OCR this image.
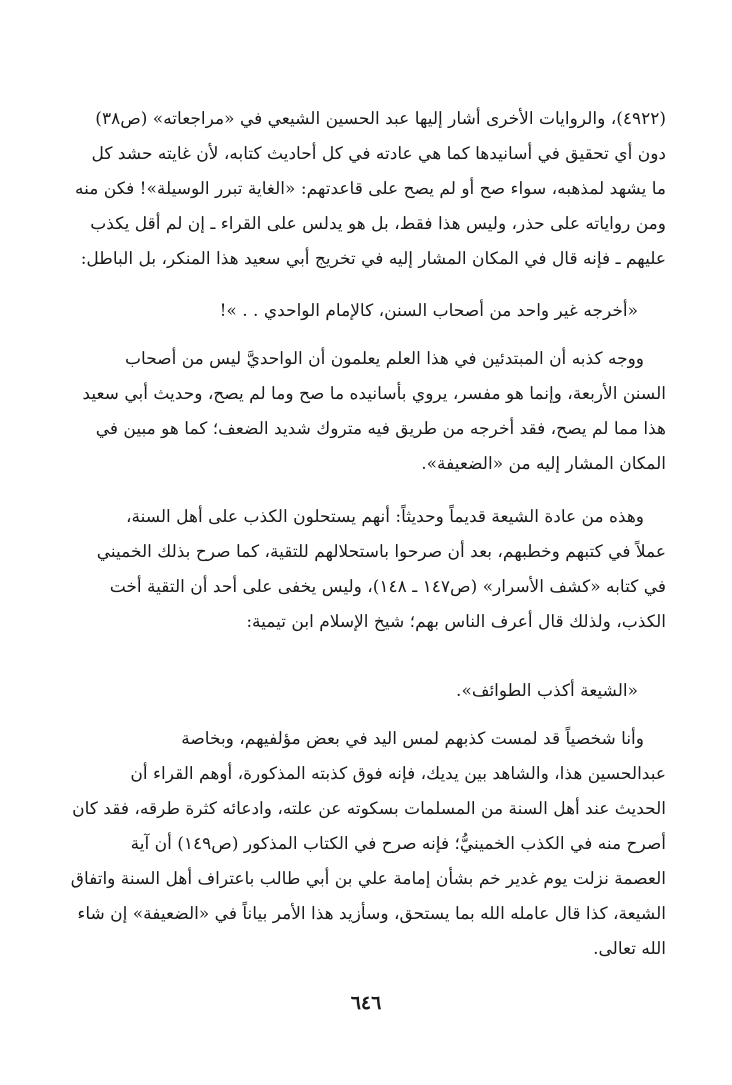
(٤٩٢٢)، والروايات الأخرى أشار إليها عبد الحسين الشيعي في «مراجعاته» (ص٣٨)
دون أي تحقيق في أسانيدها كما هي عادته في كل أحاديث كتابه، لأن غايته حشد كل
ما يشهد لمذهبه، سواء صح أو لم يصح على قاعدتهم: «الغاية تبرر الوسيلة»! فكن منه
ومن رواياته على حذر، وليس هذا فقط، بل هو يدلس على القراء ـ إن لم أقل يكذب
عليهم ـ فإنه قال في المكان المشار إليه في تخريج أبي سعيد هذا المنكر، بل الباطل:
«أخرجه غير واحد من أصحاب السنن، كالإمام الواحدي . . »!
ووجه كذبه أن المبتدئين في هذا العلم يعلمون أن الواحديَّ ليس من أصحاب
السنن الأربعة، وإنما هو مفسر، يروي بأسانيده ما صح وما لم يصح، وحديث أبي سعيد
هذا مما لم يصح، فقد أخرجه من طريق فيه متروك شديد الضعف؛ كما هو مبين في
المكان المشار إليه من «الضعيفة».
وهذه من عادة الشيعة قديماً وحديثاً: أنهم يستحلون الكذب على أهل السنة،
عملاً في كتبهم وخطبهم، بعد أن صرحوا باستحلالهم للتقية، كما صرح بذلك الخميني
في كتابه «كشف الأسرار» (ص١٤٧ ـ ١٤٨)، وليس يخفى على أحد أن التقية أخت
الكذب، ولذلك قال أعرف الناس بهم؛ شيخ الإسلام ابن تيمية:
«الشيعة أكذب الطوائف».
وأنا شخصياً قد لمست كذبهم لمس اليد في بعض مؤلفيهم، وبخاصة
عبدالحسين هذا، والشاهد بين يديك، فإنه فوق كذبته المذكورة، أوهم القراء أن
الحديث عند أهل السنة من المسلمات بسكوته عن علته، وادعائه كثرة طرقه، فقد كان
أصرح منه في الكذب الخمينيُّ؛ فإنه صرح في الكتاب المذكور (ص١٤٩) أن آية
العصمة نزلت يوم غدير خم بشأن إمامة علي بن أبي طالب باعتراف أهل السنة واتفاق
الشيعة، كذا قال عامله الله بما يستحق، وسأزيد هذا الأمر بياناً في «الضعيفة» إن شاء
الله تعالى.
٦٤٦
